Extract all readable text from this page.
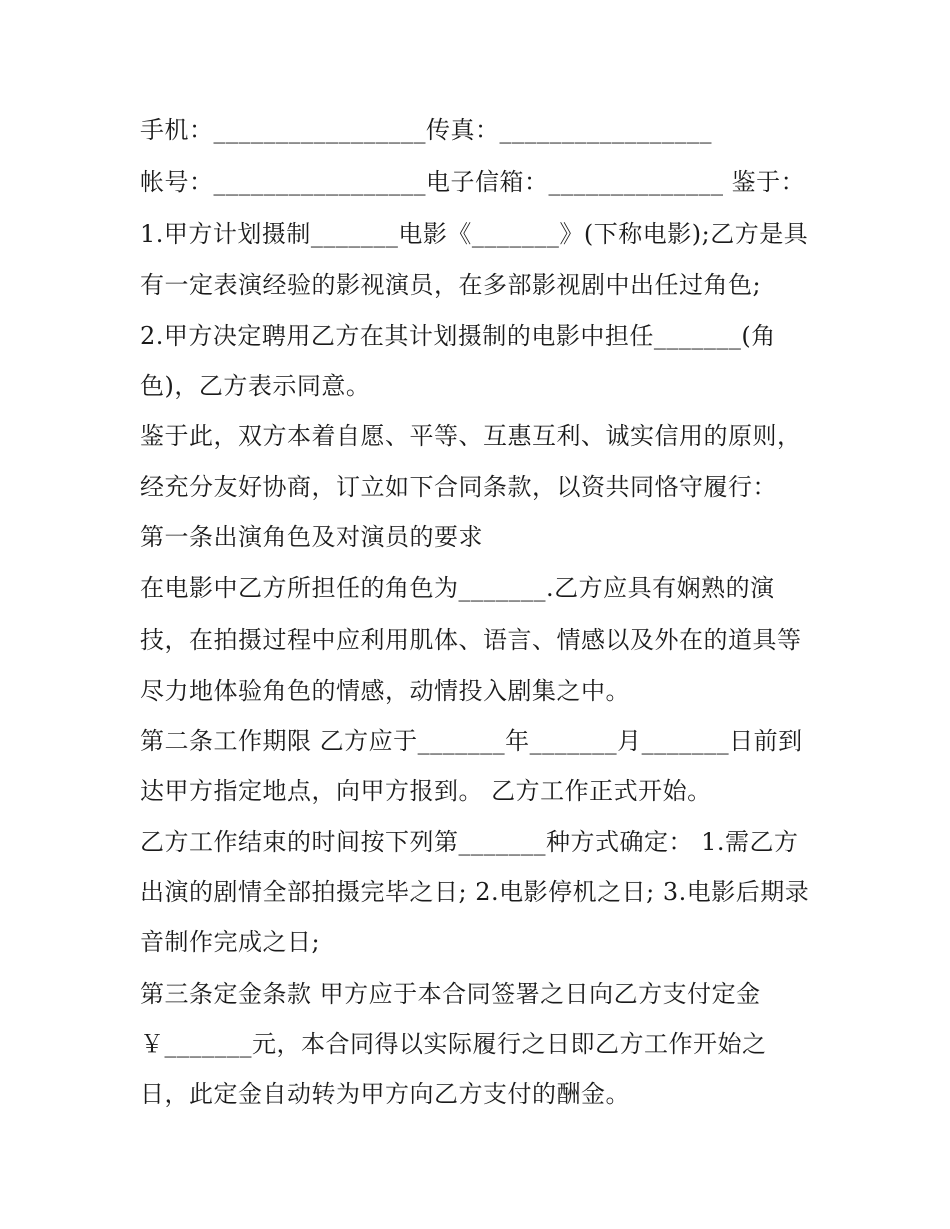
手机：_________________传真：_________________

帐号：_________________电子信箱：______________ 鉴于：

1.甲方计划摄制_______电影《_______》(下称电影);乙方是具

有一定表演经验的影视演员，在多部影视剧中出任过角色;

2.甲方决定聘用乙方在其计划摄制的电影中担任_______(角

色)，乙方表示同意。

鉴于此，双方本着自愿、平等、互惠互利、诚实信用的原则，

经充分友好协商，订立如下合同条款，以资共同恪守履行：

第一条出演角色及对演员的要求

在电影中乙方所担任的角色为_______.乙方应具有娴熟的演

技，在拍摄过程中应利用肌体、语言、情感以及外在的道具等

尽力地体验角色的情感，动情投入剧集之中。

第二条工作期限 乙方应于_______年_______月_______日前到

达甲方指定地点，向甲方报到。 乙方工作正式开始。

乙方工作结束的时间按下列第_______种方式确定： 1.需乙方

出演的剧情全部拍摄完毕之日; 2.电影停机之日; 3.电影后期录

音制作完成之日;

第三条定金条款 甲方应于本合同签署之日向乙方支付定金

￥_______元，本合同得以实际履行之日即乙方工作开始之

日，此定金自动转为甲方向乙方支付的酬金。
